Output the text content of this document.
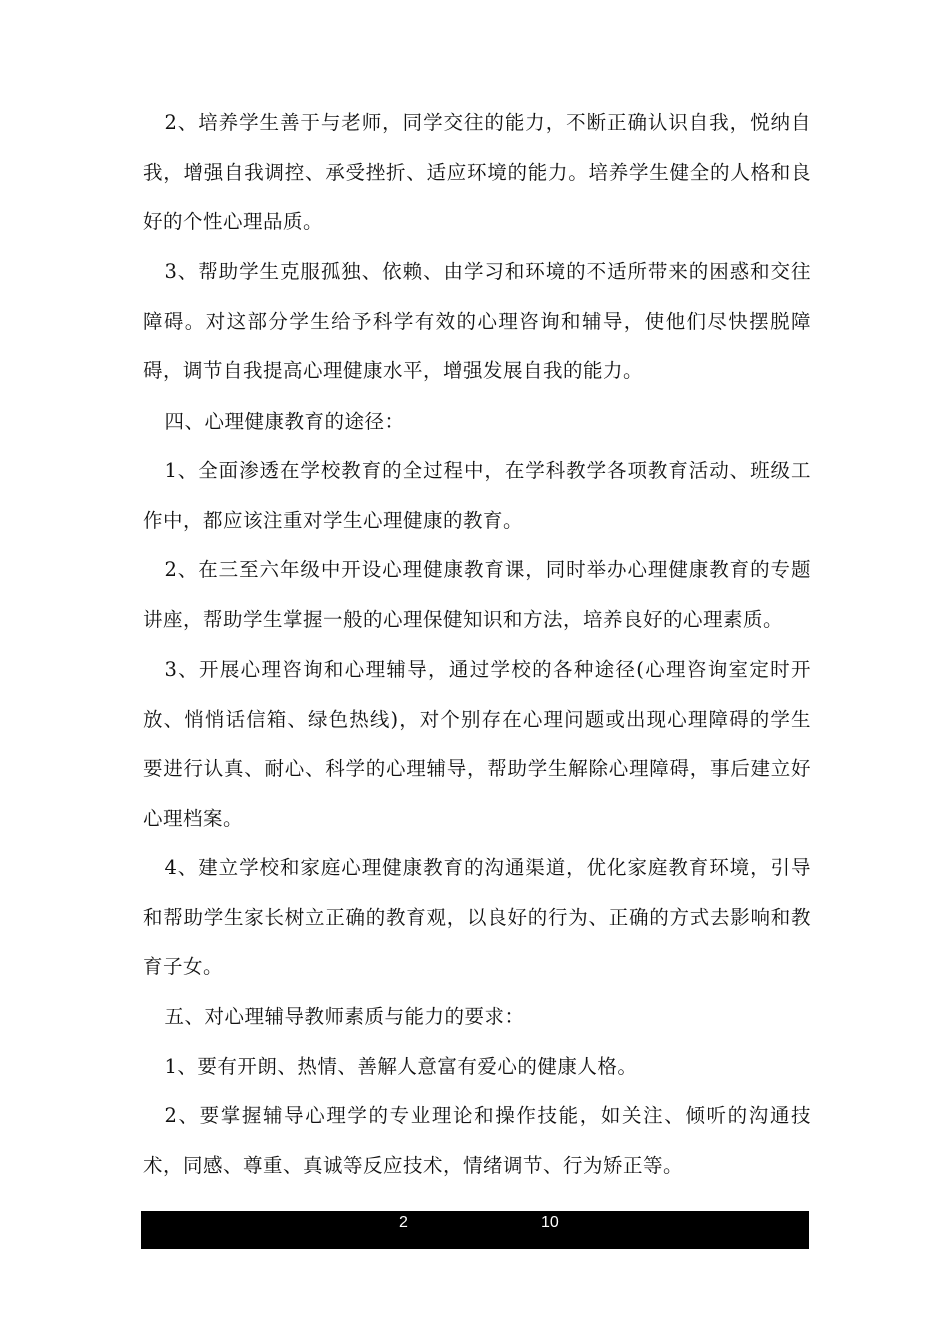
2、培养学生善于与老师，同学交往的能力，不断正确认识自我，悦纳自我，增强自我调控、承受挫折、适应环境的能力。培养学生健全的人格和良好的个性心理品质。

3、帮助学生克服孤独、依赖、由学习和环境的不适所带来的困惑和交往障碍。对这部分学生给予科学有效的心理咨询和辅导，使他们尽快摆脱障碍，调节自我提高心理健康水平，增强发展自我的能力。

四、心理健康教育的途径：

1、全面渗透在学校教育的全过程中，在学科教学各项教育活动、班级工作中，都应该注重对学生心理健康的教育。

2、在三至六年级中开设心理健康教育课，同时举办心理健康教育的专题讲座，帮助学生掌握一般的心理保健知识和方法，培养良好的心理素质。

3、开展心理咨询和心理辅导，通过学校的各种途径(心理咨询室定时开放、悄悄话信箱、绿色热线)，对个别存在心理问题或出现心理障碍的学生要进行认真、耐心、科学的心理辅导，帮助学生解除心理障碍，事后建立好心理档案。

4、建立学校和家庭心理健康教育的沟通渠道，优化家庭教育环境，引导和帮助学生家长树立正确的教育观，以良好的行为、正确的方式去影响和教育子女。

五、对心理辅导教师素质与能力的要求：

1、要有开朗、热情、善解人意富有爱心的健康人格。

2、要掌握辅导心理学的专业理论和操作技能，如关注、倾听的沟通技术，同感、尊重、真诚等反应技术，情绪调节、行为矫正等。

2	10
